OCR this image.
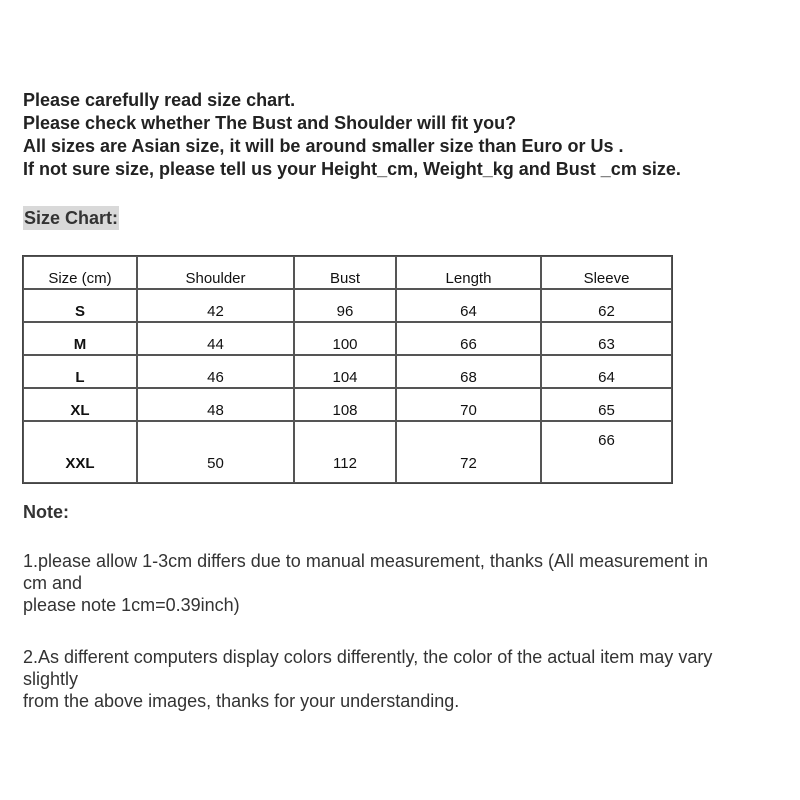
Please carefully read size chart.
Please check whether The Bust and Shoulder will fit you?
All sizes are Asian size, it will be around smaller size than Euro or Us .
If not sure size, please tell us your Height_cm, Weight_kg and Bust _cm size.
Size Chart:
Size (cm)	Shoulder	Bust	Length	Sleeve
S	42	96	64	62
M	44	100	66	63
L	46	104	68	64
XL	48	108	70	65
XXL	50	112	72	66
Note:
1.please allow 1-3cm differs due to manual measurement, thanks (All measurement in
cm and
please note 1cm=0.39inch)
2.As different computers display colors differently, the color of the actual item may vary
slightly
from the above images, thanks for your understanding.
